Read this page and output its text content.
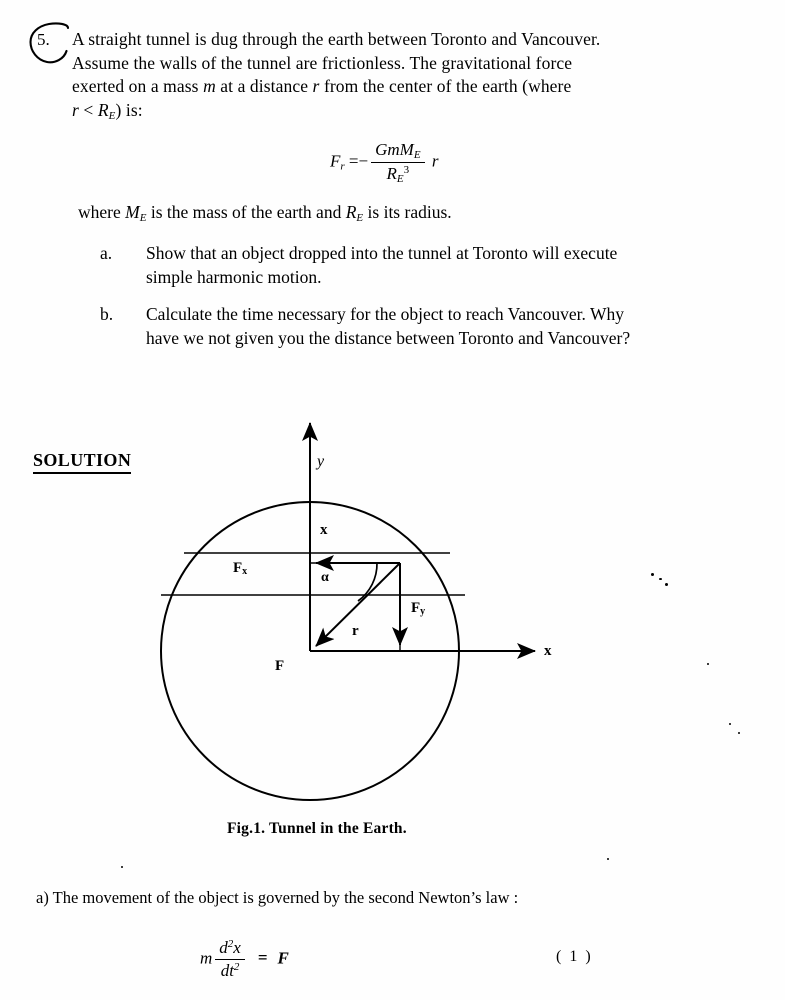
5. A straight tunnel is dug through the earth between Toronto and Vancouver.
Assume the walls of the tunnel are frictionless. The gravitational force
exerted on a mass m at a distance r from the center of the earth (where
$r < R_E$) is:
$F_r =- \frac{GmM_E}{R_E^3}$ r
where $M_E$ is the mass of the earth and $R_E$ is its radius.
a. Show that an object dropped into the tunnel at Toronto will execute
simple harmonic motion.
b. Calculate the time necessary for the object to reach Vancouver. Why
have we not given you the distance between Toronto and Vancouver?
SOLUTION	y
x
x
Fx
Fy
F
r
α
Fig.1. Tunnel in the Earth.
a) The movement of the object is governed by the second Newton’s law :
m $\frac{d^2x}{dt^2} = F$	( 1 )
